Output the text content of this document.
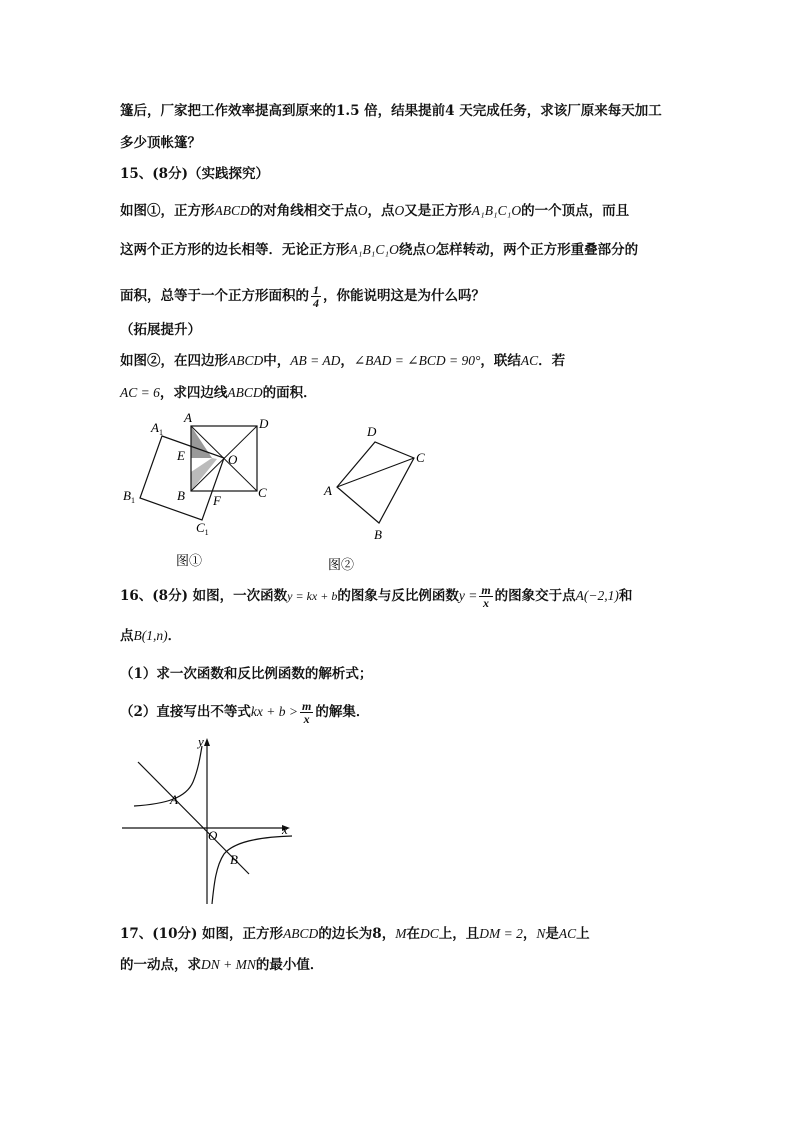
篷后，厂家把工作效率提高到原来的1.5 倍，结果提前4 天完成任务，求该厂原来每天加工
多少顶帐篷？
15、(8分)（实践探究）
如图①，正方形ABCD的对角线相交于点O，点O又是正方形A₁B₁C₁O的一个顶点，而且
这两个正方形的边长相等．无论正方形A₁B₁C₁O绕点O怎样转动，两个正方形重叠部分的
面积，总等于一个正方形面积的 $\frac{1}{4}$ ，你能说明这是为什么吗？
（拓展提升）
如图②，在四边形ABCD中，AB = AD，∠BAD = ∠BCD = 90°，联结AC．若
AC = 6，求四边线ABCD的面积．
A
$A_1$
D
E	O
$B_1$	B F
C
$C_1$
图①
D
C
A
B
图②
16、(8分) 如图，一次函数y = kx + b的图象与反比例函数$y = \frac{m}{x}$ 的图象交于点A(−2,1)和
点B(1,n)．
（1）求一次函数和反比例函数的解析式；
（2）直接写出不等式kx + $b > \frac{m}{x}$ 的解集．
y
x
O
A
B
17、(10分) 如图，正方形ABCD的边长为8，M在DC上，且DM = 2，N是AC上
的一动点，求DN + MN的最小值．
